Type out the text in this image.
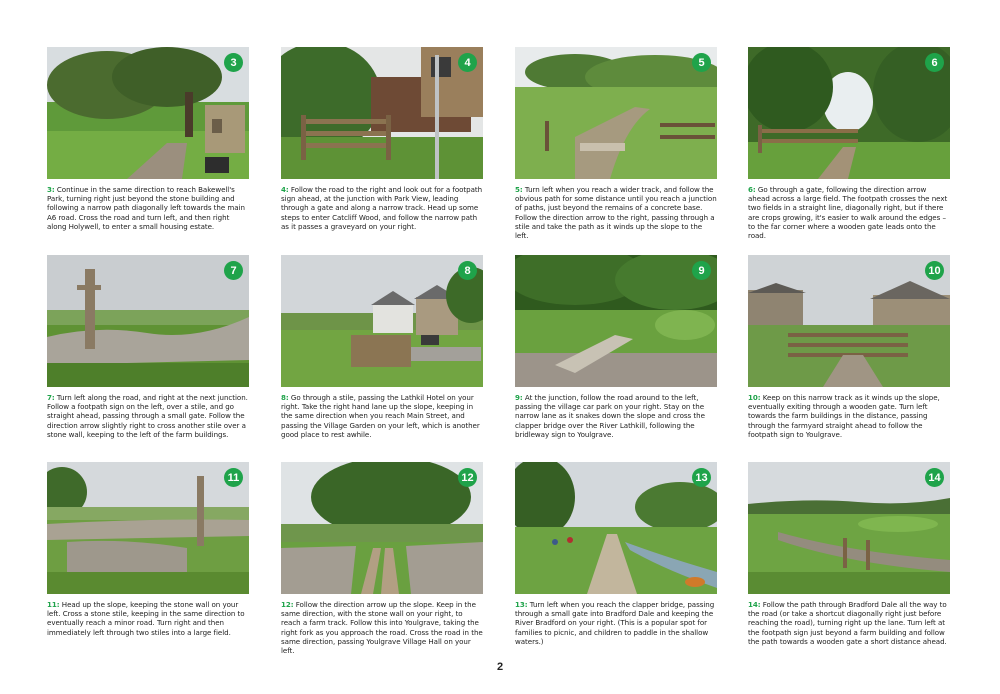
3
3: Continue in the same direction to reach Bakewell's Park, turning right just beyond the stone building and following a narrow path diagonally left towards the main A6 road. Cross the road and turn left, and then right along Holywell, to enter a small housing estate.
4
4: Follow the road to the right and look out for a footpath sign ahead, at the junction with Park View, leading through a gate and along a narrow track. Head up some steps to enter Catcliff Wood, and follow the narrow path as it passes a graveyard on your right.
5
5: Turn left when you reach a wider track, and follow the obvious path for some distance until you reach a junction of paths, just beyond the remains of a concrete base. Follow the direction arrow to the right, passing through a stile and take the path as it winds up the slope to the left.
6
6: Go through a gate, following the direction arrow ahead across a large field. The footpath crosses the next two fields in a straight line, diagonally right, but if there are crops growing, it's easier to walk around the edges – to the far corner where a wooden gate leads onto the road.
7
7: Turn left along the road, and right at the next junction. Follow a footpath sign on the left, over a stile, and go straight ahead, passing through a small gate. Follow the direction arrow slightly right to cross another stile over a stone wall, keeping to the left of the farm buildings.
8
8: Go through a stile, passing the Lathkil Hotel on your right. Take the right hand lane up the slope, keeping in the same direction when you reach Main Street, and passing the Village Garden on your left, which is another good place to rest awhile.
9
9: At the junction, follow the road around to the left, passing the village car park on your right. Stay on the narrow lane as it snakes down the slope and cross the clapper bridge over the River Lathkill, following the bridleway sign to Youlgrave.
10
10: Keep on this narrow track as it winds up the slope, eventually exiting through a wooden gate. Turn left towards the farm buildings in the distance, passing through the farmyard straight ahead to follow the footpath sign to Youlgrave.
11
11: Head up the slope, keeping the stone wall on your left. Cross a stone stile, keeping in the same direction to eventually reach a minor road. Turn right and then immediately left through two stiles into a large field.
12
12: Follow the direction arrow up the slope. Keep in the same direction, with the stone wall on your right, to reach a farm track. Follow this into Youlgrave, taking the right fork as you approach the road. Cross the road in the same direction, passing Youlgrave Village Hall on your left.
13
13: Turn left when you reach the clapper bridge, passing through a small gate into Bradford Dale and keeping the River Bradford on your right. (This is a popular spot for families to picnic, and children to paddle in the shallow waters.)
14
14: Follow the path through Bradford Dale all the way to the road (or take a shortcut diagonally right just before reaching the road), turning right up the lane. Turn left at the footpath sign just beyond a farm building and follow the path towards a wooden gate a short distance ahead.
2
